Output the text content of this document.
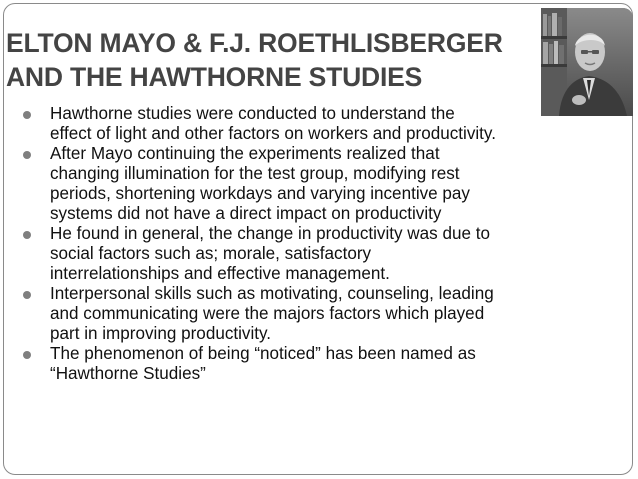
ELTON MAYO & F.J. ROETHLISBERGER
AND THE HAWTHORNE STUDIES
Hawthorne studies were conducted to understand the
effect of light and other factors on workers and productivity.
After Mayo continuing the experiments realized that
changing illumination for the test group, modifying rest
periods, shortening workdays and varying incentive pay
systems did not have a direct impact on productivity
He found in general, the change in productivity was due to
social factors such as; morale, satisfactory
interrelationships and effective management.
Interpersonal skills such as motivating, counseling, leading
and communicating were the majors factors which played
part in improving productivity.
The phenomenon of being “noticed” has been named as
“Hawthorne Studies”
